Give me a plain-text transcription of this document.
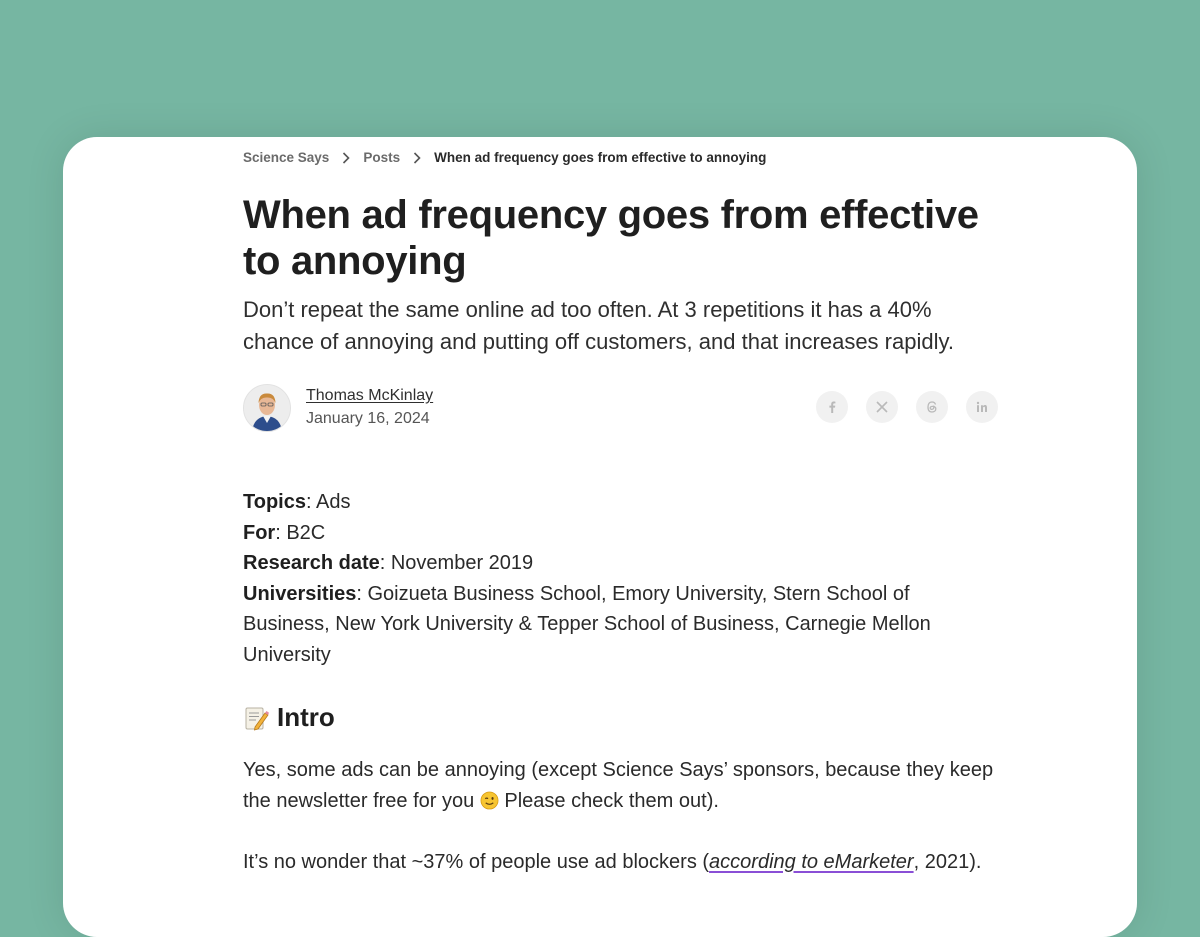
Science Says	Posts	When ad frequency goes from effective to annoying
When ad frequency goes from effective to annoying

Don’t repeat the same online ad too often. At 3 repetitions it has a 40% chance of annoying and putting off customers, and that increases rapidly.

Thomas McKinlay
January 16, 2024
Topics: Ads
For: B2C
Research date: November 2019
Universities: Goizueta Business School, Emory University, Stern School of Business, New York University & Tepper School of Business, Carnegie Mellon University
Intro

Yes, some ads can be annoying (except Science Says’ sponsors, because they keep the newsletter free for you  Please check them out).

It’s no wonder that ~37% of people use ad blockers (according to eMarketer, 2021).
